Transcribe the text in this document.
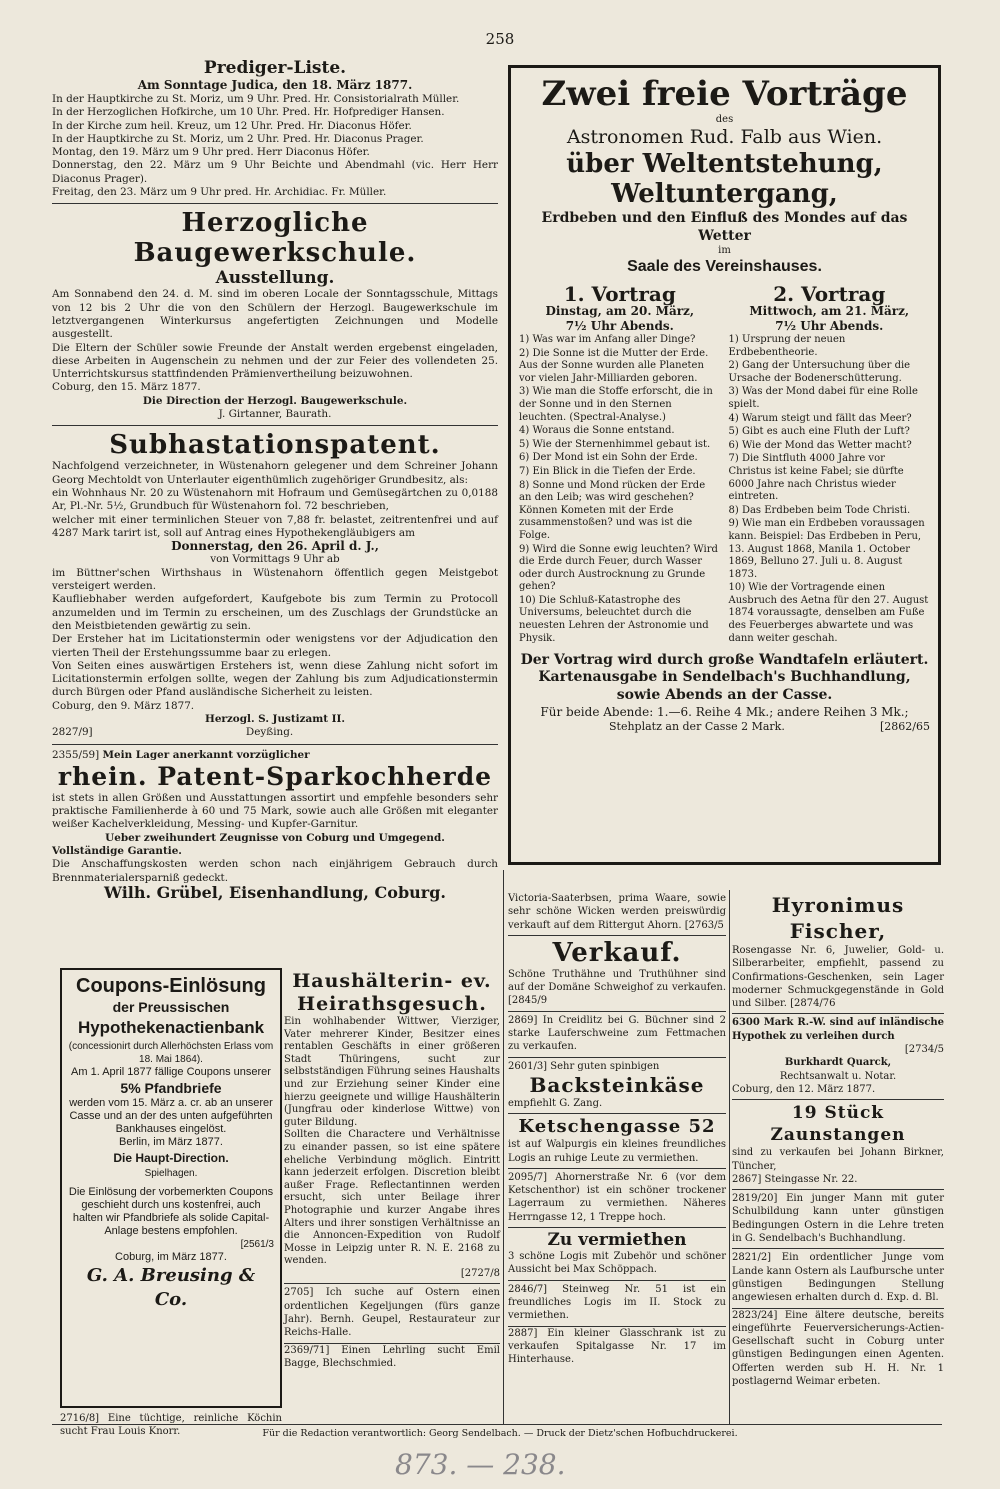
258
Prediger-Liste.
Am Sonntage Judica, den 18. März 1877.

In der Hauptkirche zu St. Moriz, um 9 Uhr. Pred. Hr. Consistorialrath Müller.

In der Herzoglichen Hofkirche, um 10 Uhr. Pred. Hr. Hofprediger Hansen.

In der Kirche zum heil. Kreuz, um 12 Uhr. Pred. Hr. Diaconus Höfer.

In der Hauptkirche zu St. Moriz, um 2 Uhr. Pred. Hr. Diaconus Prager.

Montag, den 19. März um 9 Uhr pred. Herr Diaconus Höfer.

Donnerstag, den 22. März um 9 Uhr Beichte und Abendmahl (vic. Herr Herr Diaconus Prager).

Freitag, den 23. März um 9 Uhr pred. Hr. Archidiac. Fr. Müller.

Herzogliche Baugewerkschule.
Ausstellung.

Am Sonnabend den 24. d. M. sind im oberen Locale der Sonntagsschule, Mittags von 12 bis 2 Uhr die von den Schülern der Herzogl. Baugewerkschule im letztvergangenen Winterkursus angefertigten Zeichnungen und Modelle ausgestellt.

Die Eltern der Schüler sowie Freunde der Anstalt werden ergebenst eingeladen, diese Arbeiten in Augenschein zu nehmen und der zur Feier des vollendeten 25. Unterrichtskursus stattfindenden Prämienvertheilung beizuwohnen.

Coburg, den 15. März 1877.

Die Direction der Herzogl. Baugewerkschule.

J. Girtanner, Baurath.

Subhastationspatent.

Nachfolgend verzeichneter, in Wüstenahorn gelegener und dem Schreiner Johann Georg Mechtoldt von Unterlauter eigenthümlich zugehöriger Grundbesitz, als:

ein Wohnhaus Nr. 20 zu Wüstenahorn mit Hofraum und Gemüsegärtchen zu 0,0188 Ar, Pl.-Nr. 5½, Grundbuch für Wüstenahorn fol. 72 beschrieben,

welcher mit einer terminlichen Steuer von 7,88 fr. belastet, zeitrentenfrei und auf 4287 Mark tarirt ist, soll auf Antrag eines Hypothekengläubigers am

Donnerstag, den 26. April d. J.,

von Vormittags 9 Uhr ab

im Büttner'schen Wirthshaus in Wüstenahorn öffentlich gegen Meistgebot versteigert werden.

Kaufliebhaber werden aufgefordert, Kaufgebote bis zum Termin zu Protocoll anzumelden und im Termin zu erscheinen, um des Zuschlags der Grundstücke an den Meistbietenden gewärtig zu sein.

Der Ersteher hat im Licitationstermin oder wenigstens vor der Adjudication den vierten Theil der Erstehungssumme baar zu erlegen.

Von Seiten eines auswärtigen Erstehers ist, wenn diese Zahlung nicht sofort im Licitationstermin erfolgen sollte, wegen der Zahlung bis zum Adjudicationstermin durch Bürgen oder Pfand ausländische Sicherheit zu leisten.

Coburg, den 9. März 1877.

Herzogl. S. Justizamt II.

2827/9]	Deyßing.

2355/59] Mein Lager anerkannt vorzüglicher

rhein. Patent-Sparkochherde

ist stets in allen Größen und Ausstattungen assortirt und empfehle besonders sehr praktische Familienherde à 60 und 75 Mark, sowie auch alle Größen mit eleganter weißer Kachelverkleidung, Messing- und Kupfer-Garnitur.

Ueber zweihundert Zeugnisse von Coburg und Umgegend.

Vollständige Garantie.

Die Anschaffungskosten werden schon nach einjährigem Gebrauch durch Brennmaterialersparniß gedeckt.

Wilh. Grübel, Eisenhandlung, Coburg.
Zwei freie Vorträge
des
Astronomen Rud. Falb aus Wien.
über Weltentstehung, Weltuntergang,
Erdbeben und den Einfluß des Mondes auf das Wetter
im
Saale des Vereinshauses.
1. Vortrag
Dinstag, am 20. März,
7½ Uhr Abends.
1) Was war im Anfang aller Dinge?
2) Die Sonne ist die Mutter der Erde. Aus der Sonne wurden alle Planeten vor vielen Jahr-Milliarden geboren.
3) Wie man die Stoffe erforscht, die in der Sonne und in den Sternen leuchten. (Spectral-Analyse.)
4) Woraus die Sonne entstand.
5) Wie der Sternenhimmel gebaut ist.
6) Der Mond ist ein Sohn der Erde.
7) Ein Blick in die Tiefen der Erde.
8) Sonne und Mond rücken der Erde an den Leib; was wird geschehen? Können Kometen mit der Erde zusammenstoßen? und was ist die Folge.
9) Wird die Sonne ewig leuchten? Wird die Erde durch Feuer, durch Wasser oder durch Austrocknung zu Grunde gehen?
10) Die Schluß-Katastrophe des Universums, beleuchtet durch die neuesten Lehren der Astronomie und Physik.
2. Vortrag
Mittwoch, am 21. März,
7½ Uhr Abends.
1) Ursprung der neuen Erdbebentheorie.
2) Gang der Untersuchung über die Ursache der Bodenerschütterung.
3) Was der Mond dabei für eine Rolle spielt.
4) Warum steigt und fällt das Meer?
5) Gibt es auch eine Fluth der Luft?
6) Wie der Mond das Wetter macht?
7) Die Sintfluth 4000 Jahre vor Christus ist keine Fabel; sie dürfte 6000 Jahre nach Christus wieder eintreten.
8) Das Erdbeben beim Tode Christi.
9) Wie man ein Erdbeben voraussagen kann. Beispiel: Das Erdbeben in Peru, 13. August 1868, Manila 1. October 1869, Belluno 27. Juli u. 8. August 1873.
10) Wie der Vortragende einen Ausbruch des Aetna für den 27. August 1874 voraussagte, denselben am Fuße des Feuerberges abwartete und was dann weiter geschah.
Der Vortrag wird durch große Wandtafeln erläutert.
Kartenausgabe in Sendelbach's Buchhandlung, sowie Abends an der Casse.
Für beide Abende: 1.—6. Reihe 4 Mk.; andere Reihen 3 Mk.;
Stehplatz an der Casse 2 Mark.	[2862/65
Coupons-Einlösung
der Preussischen
Hypothekenactienbank
(concessionirt durch Allerhöchsten Erlass vom 18. Mai 1864).
Am 1. April 1877 fällige Coupons unserer
5% Pfandbriefe
werden vom 15. März a. cr. ab an unserer Casse und an der des unten aufgeführten Bankhauses eingelöst.
Berlin, im März 1877.
Die Haupt-Direction.
Spielhagen.
Die Einlösung der vorbemerkten Coupons geschieht durch uns kostenfrei, auch halten wir Pfandbriefe als solide Capital-Anlage bestens empfohlen.
[2561/3
Coburg, im März 1877.
G. A. Breusing & Co.
2716/8] Eine tüchtige, reinliche Köchin sucht Frau Louis Knorr.
Haushälterin- ev. Heirathsgesuch.

Ein wohlhabender Wittwer, Vierziger, Vater mehrerer Kinder, Besitzer eines rentablen Geschäfts in einer größeren Stadt Thüringens, sucht zur selbstständigen Führung seines Haushalts und zur Erziehung seiner Kinder eine hierzu geeignete und willige Haushälterin (Jungfrau oder kinderlose Wittwe) von guter Bildung.

Sollten die Charactere und Verhältnisse zu einander passen, so ist eine spätere eheliche Verbindung möglich. Eintritt kann jederzeit erfolgen. Discretion bleibt außer Frage. Reflectantinnen werden ersucht, sich unter Beilage ihrer Photographie und kurzer Angabe ihres Alters und ihrer sonstigen Verhältnisse an die Annoncen-Expedition von Rudolf Mosse in Leipzig unter R. N. E. 2168 zu wenden.

[2727/8

2705] Ich suche auf Ostern einen ordentlichen Kegeljungen (fürs ganze Jahr). Bernh. Geupel, Restaurateur zur Reichs-Halle.
2369/71] Einen Lehrling sucht Emil Bagge, Blechschmied.
Victoria-Saaterbsen, prima Waare, sowie sehr schöne Wicken werden preiswürdig verkauft auf dem Rittergut Ahorn. [2763/5
Verkauf.
Schöne Truthähne und Truthühner sind auf der Domäne Schweighof zu verkaufen. [2845/9
2869] In Creidlitz bei G. Büchner sind 2 starke Lauferschweine zum Fettmachen zu verkaufen.
2601/3] Sehr guten spinbigen
Backsteinkäse
empfiehlt G. Zang.
Ketschengasse 52
ist auf Walpurgis ein kleines freundliches Logis an ruhige Leute zu vermiethen.
2095/7] Ahornerstraße Nr. 6 (vor dem Ketschenthor) ist ein schöner trockener Lagerraum zu vermiethen. Näheres Herrngasse 12, 1 Treppe hoch.
Zu vermiethen
3 schöne Logis mit Zubehör und schöner Aussicht bei Max Schöppach.
2846/7] Steinweg Nr. 51 ist ein freundliches Logis im II. Stock zu vermiethen.
2887] Ein kleiner Glasschrank ist zu verkaufen Spitalgasse Nr. 17 im Hinterhause.
Hyronimus Fischer,
Rosengasse Nr. 6, Juwelier, Gold- u. Silberarbeiter, empfiehlt, passend zu Confirmations-Geschenken, sein Lager moderner Schmuckgegenstände in Gold und Silber. [2874/76

6300 Mark R.-W. sind auf inländische Hypothek zu verleihen durch

[2734/5

Burkhardt Quarck,

Rechtsanwalt u. Notar.

Coburg, den 12. März 1877.

19 Stück Zaunstangen

sind zu verkaufen bei Johann Birkner, Tüncher,

2867] Steingasse Nr. 22.

2819/20] Ein junger Mann mit guter Schulbildung kann unter günstigen Bedingungen Ostern in die Lehre treten in G. Sendelbach's Buchhandlung.
2821/2] Ein ordentlicher Junge vom Lande kann Ostern als Laufbursche unter günstigen Bedingungen Stellung angewiesen erhalten durch d. Exp. d. Bl.
2823/24] Eine ältere deutsche, bereits eingeführte Feuerversicherungs-Actien-Gesellschaft sucht in Coburg unter günstigen Bedingungen einen Agenten. Offerten werden sub H. H. Nr. 1 postlagernd Weimar erbeten.
Für die Redaction verantwortlich: Georg Sendelbach. — Druck der Dietz'schen Hofbuchdruckerei.
873. — 238.
